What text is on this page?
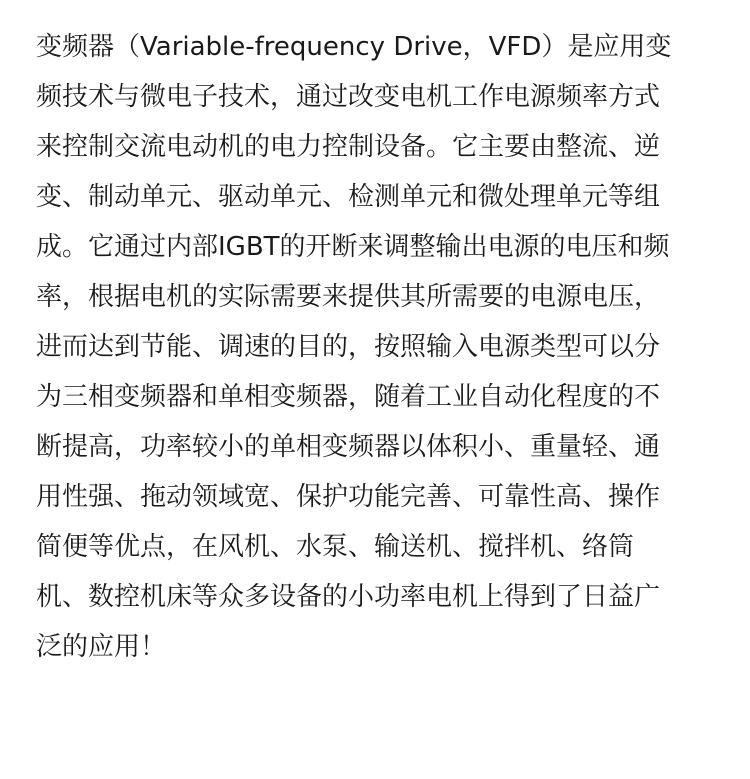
变频器（Variable-frequency Drive，VFD）是应用变
频技术与微电子技术，通过改变电机工作电源频率方式
来控制交流电动机的电力控制设备。它主要由整流、逆
变、制动单元、驱动单元、检测单元和微处理单元等组
成。它通过内部IGBT的开断来调整输出电源的电压和频
率，根据电机的实际需要来提供其所需要的电源电压，
进而达到节能、调速的目的，按照输入电源类型可以分
为三相变频器和单相变频器，随着工业自动化程度的不
断提高，功率较小的单相变频器以体积小、重量轻、通
用性强、拖动领域宽、保护功能完善、可靠性高、操作
简便等优点，在风机、水泵、输送机、搅拌机、络筒
机、数控机床等众多设备的小功率电机上得到了日益广
泛的应用！
